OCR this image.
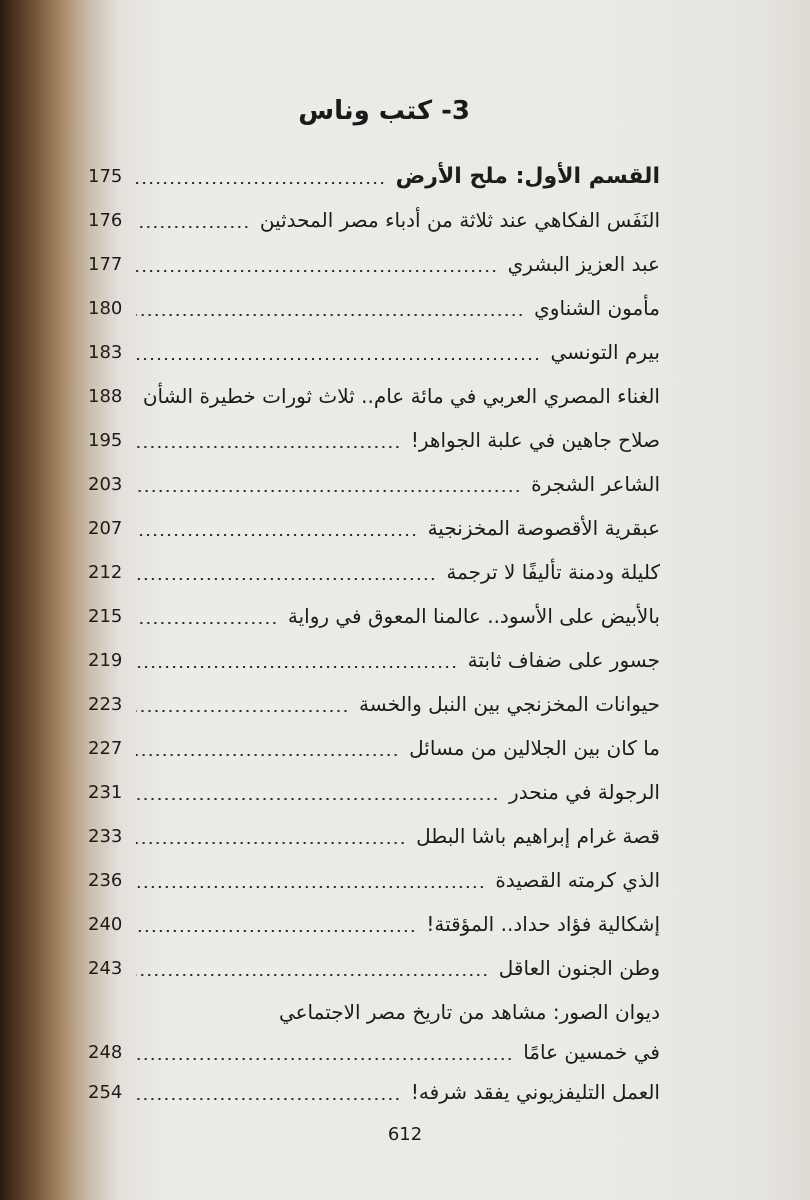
3- كتب وناس
القسم الأول: ملح الأرض
175
النَفَس الفكاهي عند ثلاثة من أدباء مصر المحدثين
176
عبد العزيز البشري
177
مأمون الشناوي
180
بيرم التونسي
183
الغناء المصري العربي في مائة عام.. ثلاث ثورات خطيرة الشأن
188
صلاح جاهين في علبة الجواهر!
195
الشاعر الشجرة
203
عبقرية الأقصوصة المخزنجية
207
كليلة ودمنة تأليفًا لا ترجمة
212
بالأبيض على الأسود.. عالمنا المعوق في رواية
215
جسور على ضفاف ثابتة
219
حيوانات المخزنجي بين النبل والخسة
223
ما كان بين الجلالين من مسائل
227
الرجولة في منحدر
231
قصة غرام إبراهيم باشا البطل
233
الذي كرمته القصيدة
236
إشكالية فؤاد حداد.. المؤقتة!
240
وطن الجنون العاقل
243
ديوان الصور: مشاهد من تاريخ مصر الاجتماعي
في خمسين عامًا
248
العمل التليفزيوني يفقد شرفه!
254
612
